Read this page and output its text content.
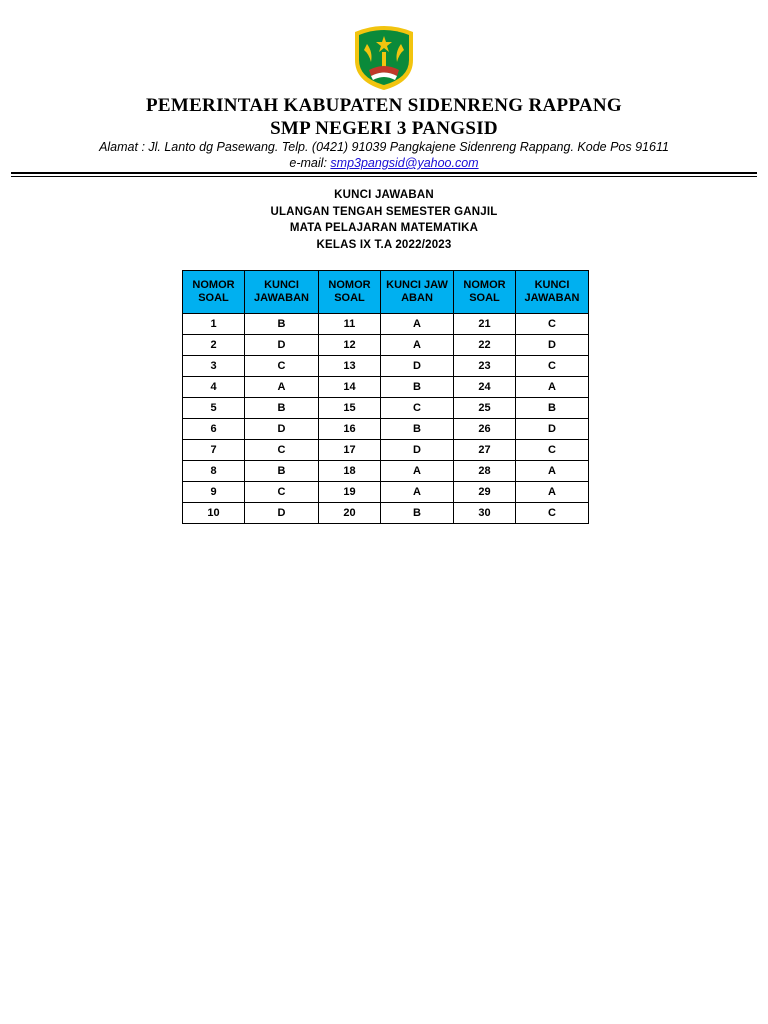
PEMERINTAH KABUPATEN SIDENRENG RAPPANG
SMP NEGERI 3 PANGSID
Alamat : Jl. Lanto dg Pasewang. Telp. (0421) 91039 Pangkajene Sidenreng Rappang. Kode Pos 91611
e-mail: smp3pangsid@yahoo.com
KUNCI JAWABAN
ULANGAN TENGAH SEMESTER GANJIL
MATA PELAJARAN MATEMATIKA
KELAS IX T.A 2022/2023
NOMOR SOAL	KUNCI JAWABAN	NOMOR SOAL	KUNCI JAWABAN	NOMOR SOAL	KUNCI JAWABAN
1	B	11	A	21	C
2	D	12	A	22	D
3	C	13	D	23	C
4	A	14	B	24	A
5	B	15	C	25	B
6	D	16	B	26	D
7	C	17	D	27	C
8	B	18	A	28	A
9	C	19	A	29	A
10	D	20	B	30	C
